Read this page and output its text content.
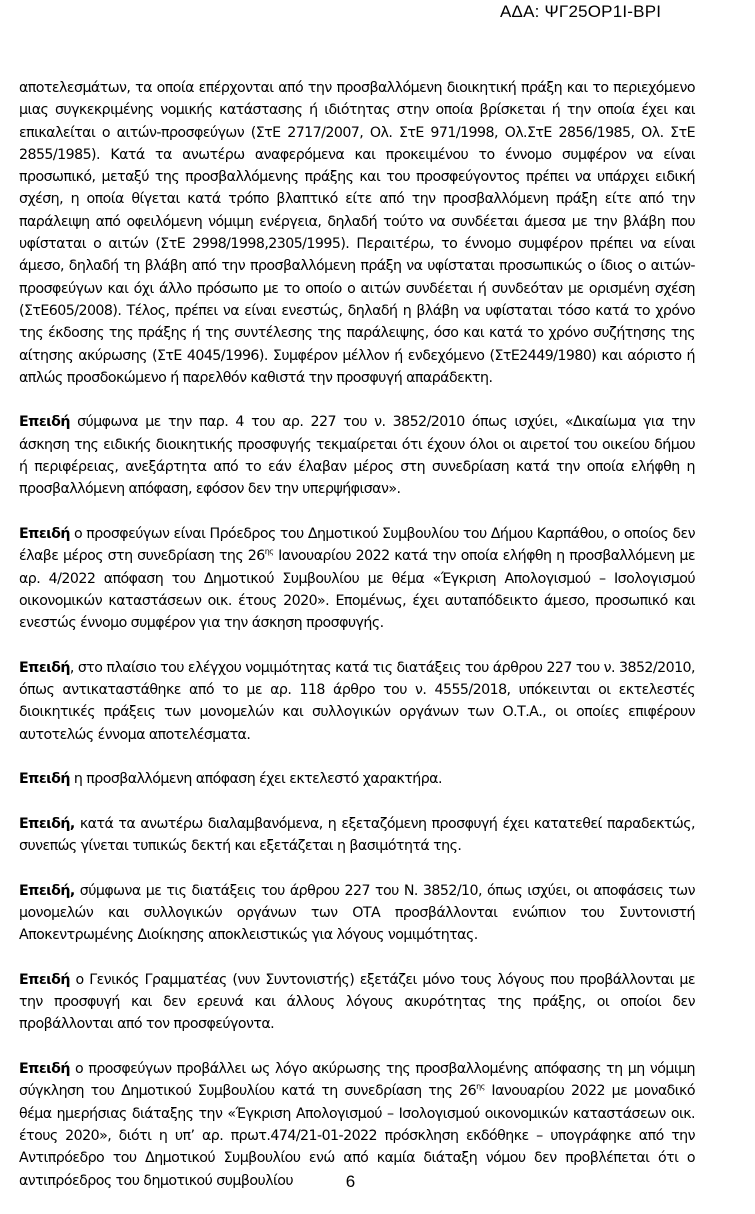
ΑΔΑ: ΨΓ25ΟΡ1Ι-ΒΡΙ

αποτελεσμάτων, τα οποία επέρχονται από την προσβαλλόμενη διοικητική πράξη και το περιεχόμενο μιας συγκεκριμένης νομικής κατάστασης ή ιδιότητας στην οποία βρίσκεται ή την οποία έχει και επικαλείται ο αιτών-προσφεύγων (ΣτΕ 2717/2007, Ολ. ΣτΕ 971/1998, Ολ.ΣτΕ 2856/1985, Ολ. ΣτΕ 2855/1985). Κατά τα ανωτέρω αναφερόμενα και προκειμένου το έννομο συμφέρον να είναι προσωπικό, μεταξύ της προσβαλλόμενης πράξης και του προσφεύγοντος πρέπει να υπάρχει ειδική σχέση, η οποία θίγεται κατά τρόπο βλαπτικό είτε από την προσβαλλόμενη πράξη είτε από την παράλειψη από οφειλόμενη νόμιμη ενέργεια, δηλαδή τούτο να συνδέεται άμεσα με την βλάβη που υφίσταται ο αιτών (ΣτΕ 2998/1998,2305/1995). Περαιτέρω, το έννομο συμφέρον πρέπει να είναι άμεσο, δηλαδή τη βλάβη από την προσβαλλόμενη πράξη να υφίσταται προσωπικώς ο ίδιος ο αιτών-προσφεύγων και όχι άλλο πρόσωπο με το οποίο ο αιτών συνδέεται ή συνδεόταν με ορισμένη σχέση (ΣτΕ605/2008). Τέλος, πρέπει να είναι ενεστώς, δηλαδή η βλάβη να υφίσταται τόσο κατά το χρόνο της έκδοσης της πράξης ή της συντέλεσης της παράλειψης, όσο και κατά το χρόνο συζήτησης της αίτησης ακύρωσης (ΣτΕ 4045/1996). Συμφέρον μέλλον ή ενδεχόμενο (ΣτΕ2449/1980) και αόριστο ή απλώς προσδοκώμενο ή παρελθόν καθιστά την προσφυγή απαράδεκτη.

Επειδή σύμφωνα με την παρ. 4 του αρ. 227 του ν. 3852/2010 όπως ισχύει, «Δικαίωμα για την άσκηση της ειδικής διοικητικής προσφυγής τεκμαίρεται ότι έχουν όλοι οι αιρετοί του οικείου δήμου ή περιφέρειας, ανεξάρτητα από το εάν έλαβαν μέρος στη συνεδρίαση κατά την οποία ελήφθη η προσβαλλόμενη απόφαση, εφόσον δεν την υπερψήφισαν».

Επειδή ο προσφεύγων είναι Πρόεδρος του Δημοτικού Συμβουλίου του Δήμου Καρπάθου, ο οποίος δεν έλαβε μέρος στη συνεδρίαση της $26^{\eta\varsigma}$ Ιανουαρίου 2022 κατά την οποία ελήφθη η προσβαλλόμενη με αρ. 4/2022 απόφαση του Δημοτικού Συμβουλίου με θέμα «Έγκριση Απολογισμού – Ισολογισμού οικονομικών καταστάσεων οικ. έτους 2020». Επομένως, έχει αυταπόδεικτο άμεσο, προσωπικό και ενεστώς έννομο συμφέρον για την άσκηση προσφυγής.

Επειδή, στο πλαίσιο του ελέγχου νομιμότητας κατά τις διατάξεις του άρθρου 227 του ν. 3852/2010, όπως αντικαταστάθηκε από το με αρ. 118 άρθρο του ν. 4555/2018, υπόκεινται οι εκτελεστές διοικητικές πράξεις των μονομελών και συλλογικών οργάνων των Ο.Τ.Α., οι οποίες επιφέρουν αυτοτελώς έννομα αποτελέσματα.

Επειδή η προσβαλλόμενη απόφαση έχει εκτελεστό χαρακτήρα.

Επειδή, κατά τα ανωτέρω διαλαμβανόμενα, η εξεταζόμενη προσφυγή έχει κατατεθεί παραδεκτώς, συνεπώς γίνεται τυπικώς δεκτή και εξετάζεται η βασιμότητά της.

Επειδή, σύμφωνα με τις διατάξεις του άρθρου 227 του Ν. 3852/10, όπως ισχύει, οι αποφάσεις των μονομελών και συλλογικών οργάνων των ΟΤΑ προσβάλλονται ενώπιον του Συντονιστή Αποκεντρωμένης Διοίκησης αποκλειστικώς για λόγους νομιμότητας.

Επειδή ο Γενικός Γραμματέας (νυν Συντονιστής) εξετάζει μόνο τους λόγους που προβάλλονται με την προσφυγή και δεν ερευνά και άλλους λόγους ακυρότητας της πράξης, οι οποίοι δεν προβάλλονται από τον προσφεύγοντα.

Επειδή ο προσφεύγων προβάλλει ως λόγο ακύρωσης της προσβαλλομένης απόφασης τη μη νόμιμη σύγκληση του Δημοτικού Συμβουλίου κατά τη συνεδρίαση της $26^{\eta\varsigma}$ Ιανουαρίου 2022 με μοναδικό θέμα ημερήσιας διάταξης την «Έγκριση Απολογισμού – Ισολογισμού οικονομικών καταστάσεων οικ. έτους 2020», διότι η υπ’ αρ. πρωτ.474/21-01-2022 πρόσκληση εκδόθηκε – υπογράφηκε από την Αντιπρόεδρο του Δημοτικού Συμβουλίου ενώ από καμία διάταξη νόμου δεν προβλέπεται ότι ο αντιπρόεδρος του δημοτικού συμβουλίου	6
